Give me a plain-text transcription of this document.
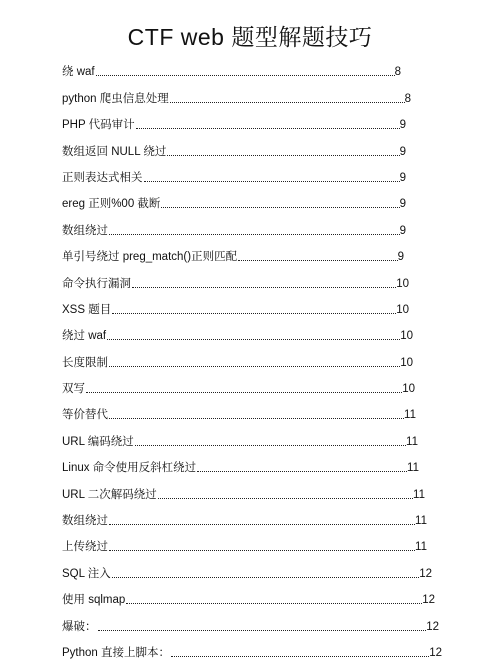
CTF web 题型解题技巧
绕 waf	8
python 爬虫信息处理	8
PHP 代码审计	9
数组返回 NULL 绕过	9
正则表达式相关	9
ereg 正则%00 截断	9
数组绕过	9
单引号绕过 preg_match()正则匹配	9
命令执行漏洞	10
XSS 题目	10
绕过 waf	10
长度限制	10
双写	10
等价替代	11
URL 编码绕过	11
Linux 命令使用反斜杠绕过	11
URL 二次解码绕过	11
数组绕过	11
上传绕过	11
SQL 注入	12
使用 sqlmap	12
爆破：	12
Python 直接上脚本：	12
